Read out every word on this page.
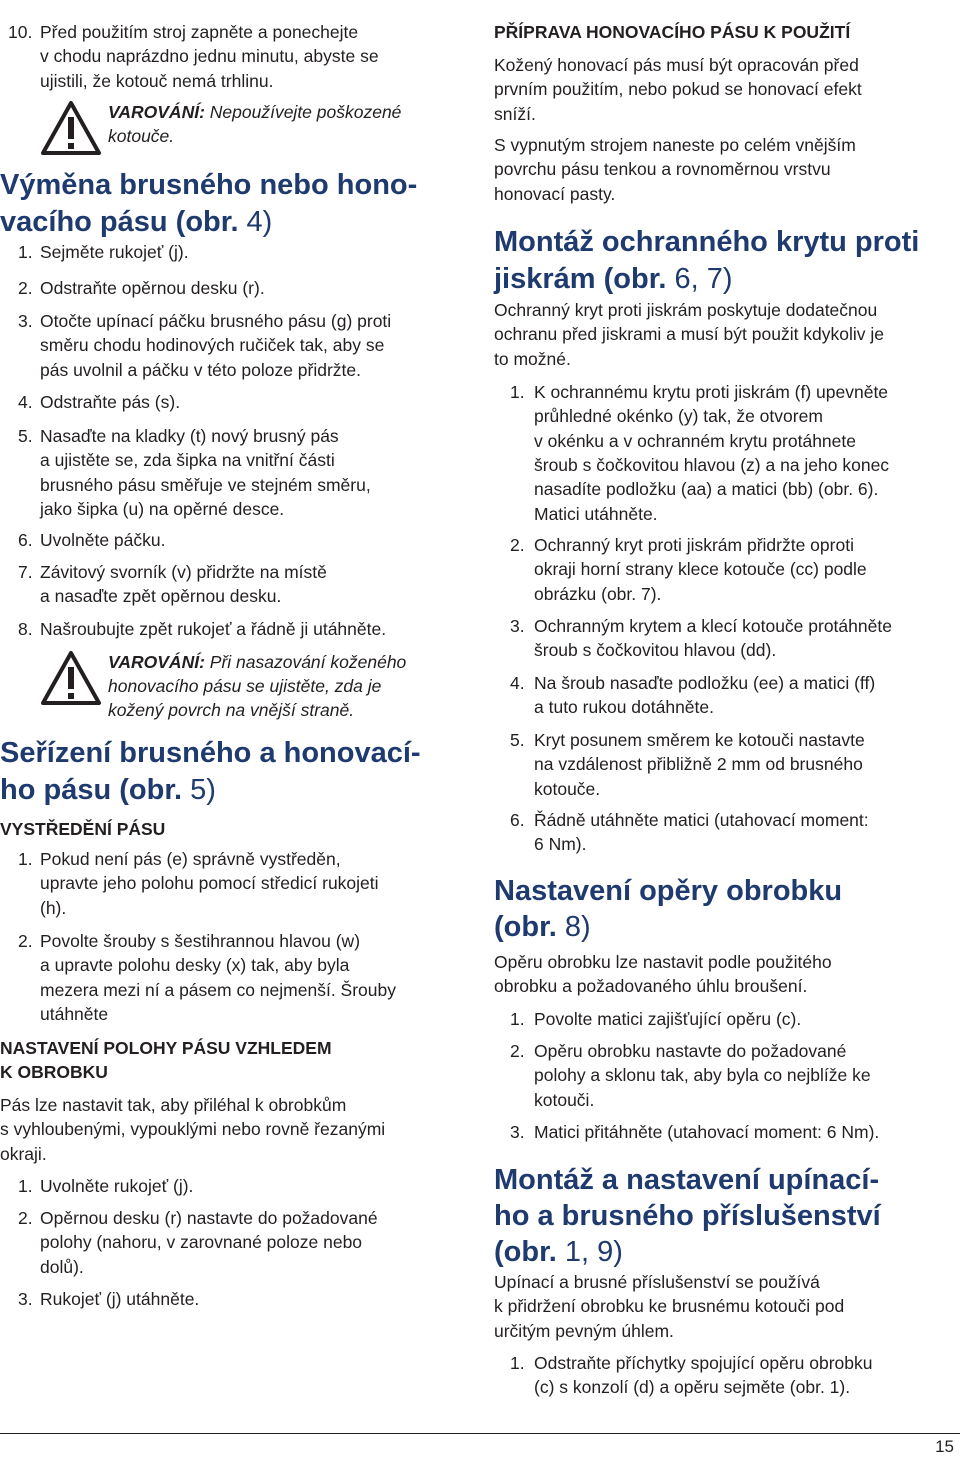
10. Před použitím stroj zapněte a ponechejte
v chodu naprázdno jednu minutu, abyste se
ujistili, že kotouč nemá trhlinu.
VAROVÁNÍ: Nepoužívejte poškozené
kotouče.
Výměna brusného nebo hono-
vacího pásu (obr. 4)
1. Sejměte rukojeť (j).
2. Odstraňte opěrnou desku (r).
3. Otočte upínací páčku brusného pásu (g) proti
směru chodu hodinových ručiček tak, aby se
pás uvolnil a páčku v této poloze přidržte.
4. Odstraňte pás (s).
5. Nasaďte na kladky (t) nový brusný pás
a ujistěte se, zda šipka na vnitřní části
brusného pásu směřuje ve stejném směru,
jako šipka (u) na opěrné desce.
6. Uvolněte páčku.
7. Závitový svorník (v) přidržte na místě
a nasaďte zpět opěrnou desku.
8. Našroubujte zpět rukojeť a řádně ji utáhněte.
VAROVÁNÍ: Při nasazování koženého
honovacího pásu se ujistěte, zda je
kožený povrch na vnější straně.
Seřízení brusného a honovací-
ho pásu (obr. 5)
VYSTŘEDĚNÍ PÁSU
1. Pokud není pás (e) správně vystředěn,
upravte jeho polohu pomocí středicí rukojeti
(h).
2. Povolte šrouby s šestihrannou hlavou (w)
a upravte polohu desky (x) tak, aby byla
mezera mezi ní a pásem co nejmenší. Šrouby
utáhněte
NASTAVENÍ POLOHY PÁSU VZHLEDEM
K OBROBKU
Pás lze nastavit tak, aby přiléhal k obrobkům
s vyhloubenými, vypouklými nebo rovně řezanými
okraji.
1. Uvolněte rukojeť (j).
2. Opěrnou desku (r) nastavte do požadované
polohy (nahoru, v zarovnané poloze nebo
dolů).
3. Rukojeť (j) utáhněte.
PŘÍPRAVA HONOVACÍHO PÁSU K POUŽITÍ
Kožený honovací pás musí být opracován před
prvním použitím, nebo pokud se honovací efekt
sníží.
S vypnutým strojem naneste po celém vnějším
povrchu pásu tenkou a rovnoměrnou vrstvu
honovací pasty.
Montáž ochranného krytu proti
jiskrám (obr. 6, 7)
Ochranný kryt proti jiskrám poskytuje dodatečnou
ochranu před jiskrami a musí být použit kdykoliv je
to možné.
1. K ochrannému krytu proti jiskrám (f) upevněte
průhledné okénko (y) tak, že otvorem
v okénku a v ochranném krytu protáhnete
šroub s čočkovitou hlavou (z) a na jeho konec
nasadíte podložku (aa) a matici (bb) (obr. 6).
Matici utáhněte.
2. Ochranný kryt proti jiskrám přidržte oproti
okraji horní strany klece kotouče (cc) podle
obrázku (obr. 7).
3. Ochranným krytem a klecí kotouče protáhněte
šroub s čočkovitou hlavou (dd).
4. Na šroub nasaďte podložku (ee) a matici (ff)
a tuto rukou dotáhněte.
5. Kryt posunem směrem ke kotouči nastavte
na vzdálenost přibližně 2 mm od brusného
kotouče.
6. Řádně utáhněte matici (utahovací moment:
6 Nm).
Nastavení opěry obrobku
(obr. 8)
Opěru obrobku lze nastavit podle použitého
obrobku a požadovaného úhlu broušení.
1. Povolte matici zajišťující opěru (c).
2. Opěru obrobku nastavte do požadované
polohy a sklonu tak, aby byla co nejblíže ke
kotouči.
3. Matici přitáhněte (utahovací moment: 6 Nm).
Montáž a nastavení upínací-
ho a brusného příslušenství
(obr. 1, 9)
Upínací a brusné příslušenství se používá
k přidržení obrobku ke brusnému kotouči pod
určitým pevným úhlem.
1. Odstraňte příchytky spojující opěru obrobku
(c) s konzolí (d) a opěru sejměte (obr. 1).
15
